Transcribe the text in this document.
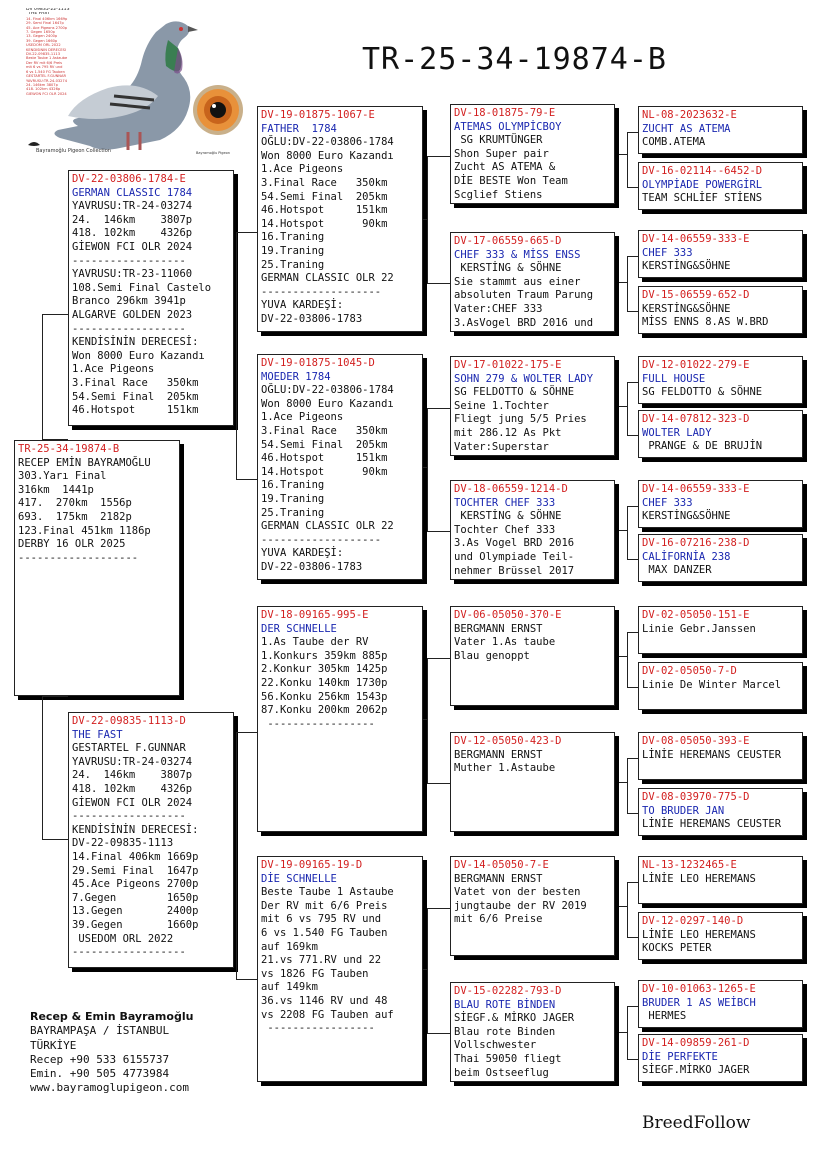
Bayramoğlu Pigeon Collection	Bayramoğlu Pigeon
DV 09835-22-1113
"THE FAST"
14. Final 406km 1669p
29. Semi Final 1647p
45. Ace Pigeons 2700p
7. Gegen 1650p
13. Gegen 2400p
39. Gegen 1660p
USEDOM ORL 2022
KENDİSİNİN DERECESİ
DV-22-09835-1113
Beste Taube 1 Astaube
Der RV mit 6/6 Preis
mit 6 vs 795 RV und
6 vs 1.540 FG Tauben
GESTARTEL F.GUNNAR
YAVRUSU:TR-24-03274
24. 146km 3807p
418. 102km 4326p
GİEWON FCI OLR 2024
TR-25-34-19874-B
TR-25-34-19874-B
RECEP EMİN BAYRAMOĞLU
303.Yarı Final
316km  1441p
417.  270km  1556p
693.  175km  2182p
123.Final 451km 1186p
DERBY 16 OLR 2025
-------------------
DV-22-03806-1784-E
GERMAN CLASSIC 1784
YAVRUSU:TR-24-03274
24.  146km    3807p
418. 102km    4326p
GİEWON FCI OLR 2024
------------------
YAVRUSU:TR-23-11060
108.Semi Final Castelo
Branco 296km 3941p
ALGARVE GOLDEN 2023
------------------
KENDİSİNİN DERECESİ:
Won 8000 Euro Kazandı
1.Ace Pigeons
3.Final Race   350km
54.Semi Final  205km
46.Hotspot     151km
DV-22-09835-1113-D
THE FAST
GESTARTEL F.GUNNAR
YAVRUSU:TR-24-03274
24.  146km    3807p
418. 102km    4326p
GİEWON FCI OLR 2024
------------------
KENDİSİNİN DERECESİ:
DV-22-09835-1113
14.Final 406km 1669p
29.Semi Final  1647p
45.Ace Pigeons 2700p
7.Gegen        1650p
13.Gegen       2400p
39.Gegen       1660p
USEDOM ORL 2022
------------------
DV-19-01875-1067-E
FATHER  1784
OĞLU:DV-22-03806-1784
Won 8000 Euro Kazandı
1.Ace Pigeons
3.Final Race   350km
54.Semi Final  205km
46.Hotspot     151km
14.Hotspot      90km
16.Traning
19.Traning
25.Traning
GERMAN CLASSIC OLR 22
-------------------
YUVA KARDEŞİ:
DV-22-03806-1783
DV-19-01875-1045-D
MOEDER 1784
OĞLU:DV-22-03806-1784
Won 8000 Euro Kazandı
1.Ace Pigeons
3.Final Race   350km
54.Semi Final  205km
46.Hotspot     151km
14.Hotspot      90km
16.Traning
19.Traning
25.Traning
GERMAN CLASSIC OLR 22
-------------------
YUVA KARDEŞİ:
DV-22-03806-1783
DV-18-09165-995-E
DER SCHNELLE
1.As Taube der RV
1.Konkurs 359km 885p
2.Konkur 305km 1425p
22.Konku 140km 1730p
56.Konku 256km 1543p
87.Konku 200km 2062p
-----------------
DV-19-09165-19-D
DİE SCHNELLE
Beste Taube 1 Astaube
Der RV mit 6/6 Preis
mit 6 vs 795 RV und
6 vs 1.540 FG Tauben
auf 169km
21.vs 771.RV und 22
vs 1826 FG Tauben
auf 149km
36.vs 1146 RV und 48
vs 2208 FG Tauben auf
-----------------
DV-18-01875-79-E
ATEMAS OLYMPİCBOY
SG KRUMTÜNGER
Shon Super pair
Zucht AS ATEMA &
DİE BESTE Won Team
Scglief Stiens
DV-17-06559-665-D
CHEF 333 & MİSS ENSS
KERSTİNG & SÖHNE
Sie stammt aus einer
absoluten Traum Parung
Vater:CHEF 333
3.AsVogel BRD 2016 und
DV-17-01022-175-E
SOHN 279 & WOLTER LADY
SG FELDOTTO & SÖHNE
Seine 1.Tochter
Fliegt jung 5/5 Pries
mit 286.12 As Pkt
Vater:Superstar
DV-18-06559-1214-D
TOCHTER CHEF 333
KERSTİNG & SÖHNE
Tochter Chef 333
3.As Vogel BRD 2016
und Olympiade Teil-
nehmer Brüssel 2017
DV-06-05050-370-E
BERGMANN ERNST
Vater 1.As taube
Blau genoppt
DV-12-05050-423-D
BERGMANN ERNST
Muther 1.Astaube
DV-14-05050-7-E
BERGMANN ERNST
Vatet von der besten
jungtaube der RV 2019
mit 6/6 Preise
DV-15-02282-793-D
BLAU ROTE BİNDEN
SİEGF.& MİRKO JAGER
Blau rote Binden
Vollschwester
Thai 59050 fliegt
beim Ostseeflug
NL-08-2023632-E
ZUCHT AS ATEMA
COMB.ATEMA
DV-16-02114--6452-D
OLYMPİADE POWERGİRL
TEAM SCHLİEF STİENS
DV-14-06559-333-E
CHEF 333
KERSTİNG&SÖHNE
DV-15-06559-652-D
KERSTİNG&SÖHNE
MİSS ENNS 8.AS W.BRD
DV-12-01022-279-E
FULL HOUSE
SG FELDOTTO & SÖHNE
DV-14-07812-323-D
WOLTER LADY
PRANGE & DE BRUJİN
DV-14-06559-333-E
CHEF 333
KERSTİNG&SÖHNE
DV-16-07216-238-D
CALİFORNİA 238
MAX DANZER
DV-02-05050-151-E
Linie Gebr.Janssen
DV-02-05050-7-D
Linie De Winter Marcel
DV-08-05050-393-E
LİNİE HEREMANS CEUSTER
DV-08-03970-775-D
TO BRUDER JAN
LİNİE HEREMANS CEUSTER
NL-13-1232465-E
LİNİE LEO HEREMANS
DV-12-0297-140-D
LİNİE LEO HEREMANS
KOCKS PETER
DV-10-01063-1265-E
BRUDER 1 AS WEİBCH
HERMES
DV-14-09859-261-D
DİE PERFEKTE
SİEGF.MİRKO JAGER
Recep & Emin Bayramoğlu
BAYRAMPAŞA / İSTANBUL
TÜRKİYE
Recep +90 533 6155737
Emin. +90 505 4773984
www.bayramoglupigeon.com
BreedFollow
